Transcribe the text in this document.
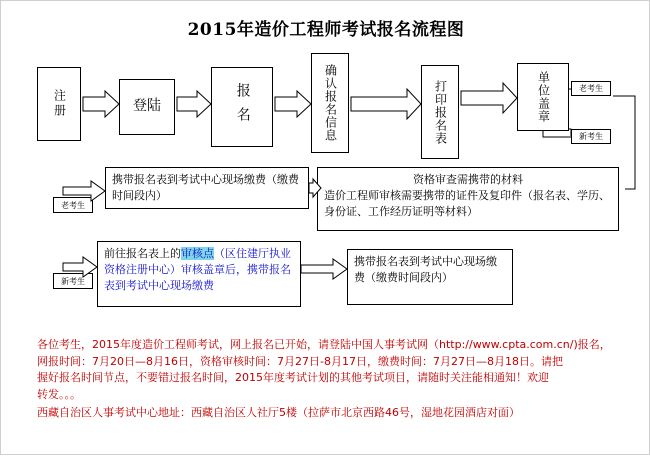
2015年造价工程师考试报名流程图
注册	登陆	报名	确认报名信息	打印报名表	单位盖章	老考生
新考生
老考生
新考生
携带报名表到考试中心现场缴费（缴费时间段内）
资格审查需携带的材料
造价工程师审核需要携带的证件及复印件（报名表、学历、身份证、工作经历证明等材料）
前往报名表上的审核点（区住建厅执业资格注册中心）审核盖章后，携带报名表到考试中心现场缴费
携带报名表到考试中心现场缴费（缴费时间段内）
各位考生，2015年度造价工程师考试，网上报名已开始，请登陆中国人事考试网（http://www.cpta.com.cn/)报名，
网报时间：7月20日—8月16日，资格审核时间：7月27日-8月17日，缴费时间：7月27日—8月18日。请把
握好报名时间节点，不要错过报名时间，2015年度考试计划的其他考试项目，请随时关注能相通知！欢迎
转发。。。
西藏自治区人事考试中心地址：西藏自治区人社厅5楼（拉萨市北京西路46号，湿地花园酒店对面）
